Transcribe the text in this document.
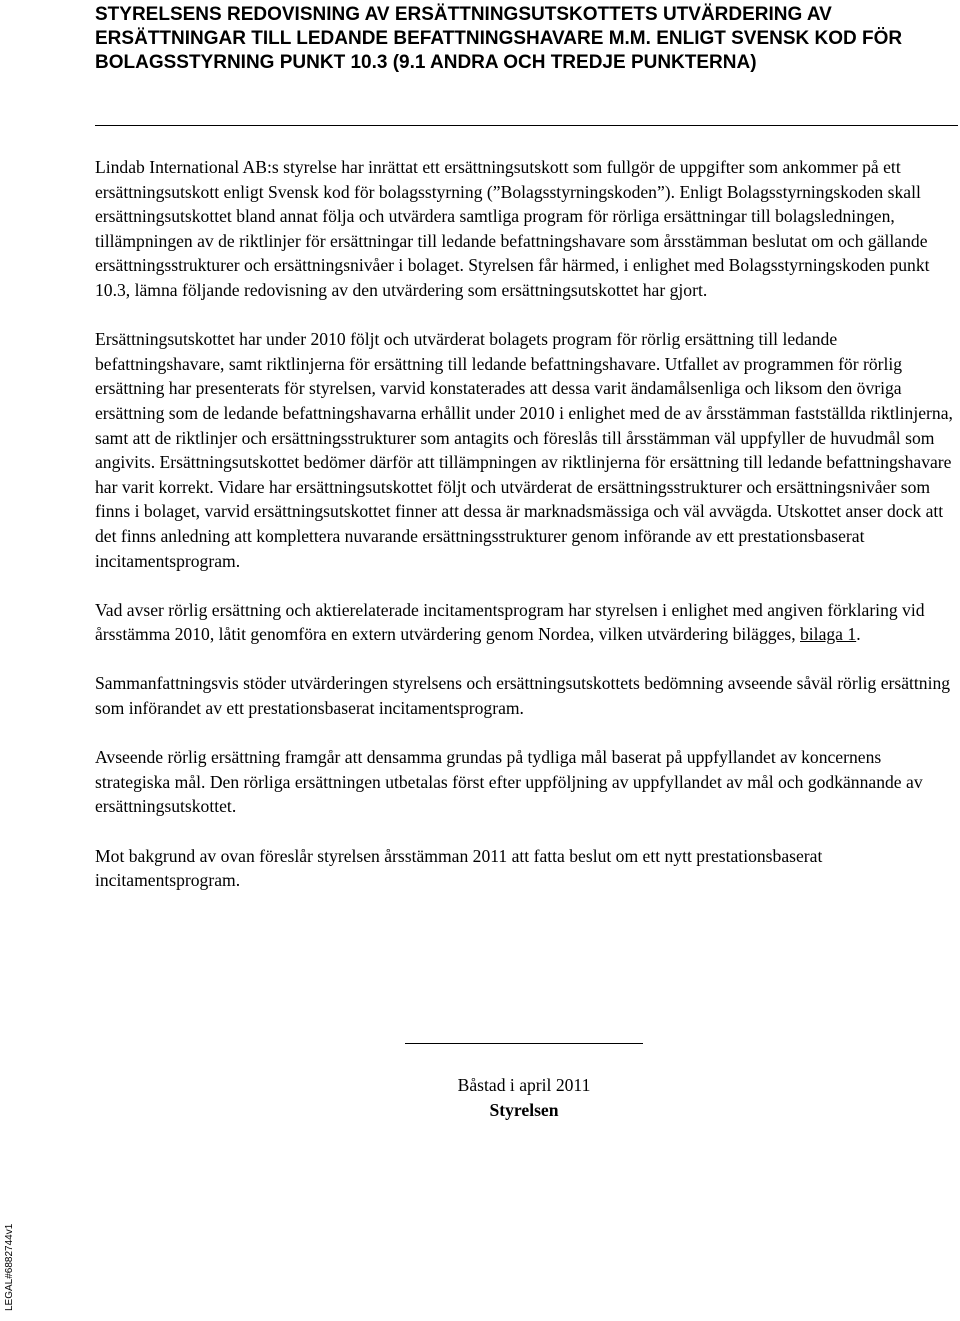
STYRELSENS REDOVISNING AV ERSÄTTNINGSUTSKOTTETS UTVÄRDERING AV ERSÄTTNINGAR TILL LEDANDE BEFATTNINGSHAVARE M.M. ENLIGT SVENSK KOD FÖR BOLAGSSTYRNING PUNKT 10.3 (9.1 ANDRA OCH TREDJE PUNKTERNA)

Lindab International AB:s styrelse har inrättat ett ersättningsutskott som fullgör de uppgifter som ankommer på ett ersättningsutskott enligt Svensk kod för bolagsstyrning (”Bolagsstyrningskoden”). Enligt Bolagsstyrningskoden skall ersättningsutskottet bland annat följa och utvärdera samtliga program för rörliga ersättningar till bolagsledningen, tillämpningen av de riktlinjer för ersättningar till ledande befattningshavare som årsstämman beslutat om och gällande ersättningsstrukturer och ersättningsnivåer i bolaget. Styrelsen får härmed, i enlighet med Bolagsstyrningskoden punkt 10.3, lämna följande redovisning av den utvärdering som ersättningsutskottet har gjort.

Ersättningsutskottet har under 2010 följt och utvärderat bolagets program för rörlig ersättning till ledande befattningshavare, samt riktlinjerna för ersättning till ledande befattningshavare. Utfallet av programmen för rörlig ersättning har presenterats för styrelsen, varvid konstaterades att dessa varit ändamålsenliga och liksom den övriga ersättning som de ledande befattningshavarna erhållit under 2010 i enlighet med de av årsstämman fastställda riktlinjerna, samt att de riktlinjer och ersättningsstrukturer som antagits och föreslås till årsstämman väl uppfyller de huvudmål som angivits. Ersättningsutskottet bedömer därför att tillämpningen av riktlinjerna för ersättning till ledande befattningshavare har varit korrekt. Vidare har ersättningsutskottet följt och utvärderat de ersättningsstrukturer och ersättningsnivåer som finns i bolaget, varvid ersättningsutskottet finner att dessa är marknadsmässiga och väl avvägda. Utskottet anser dock att det finns anledning att komplettera nuvarande ersättningsstrukturer genom införande av ett prestationsbaserat incitamentsprogram.

Vad avser rörlig ersättning och aktierelaterade incitamentsprogram har styrelsen i enlighet med angiven förklaring vid årsstämma 2010, låtit genomföra en extern utvärdering genom Nordea, vilken utvärdering bilägges, bilaga 1.

Sammanfattningsvis stöder utvärderingen styrelsens och ersättningsutskottets bedömning avseende såväl rörlig ersättning som införandet av ett prestationsbaserat incitamentsprogram.

Avseende rörlig ersättning framgår att densamma grundas på tydliga mål baserat på uppfyllandet av koncernens strategiska mål. Den rörliga ersättningen utbetalas först efter uppföljning av uppfyllandet av mål och godkännande av ersättningsutskottet.

Mot bakgrund av ovan föreslår styrelsen årsstämman 2011 att fatta beslut om ett nytt prestationsbaserat incitamentsprogram.

Båstad i april 2011
Styrelsen
LEGAL#6882744v1
